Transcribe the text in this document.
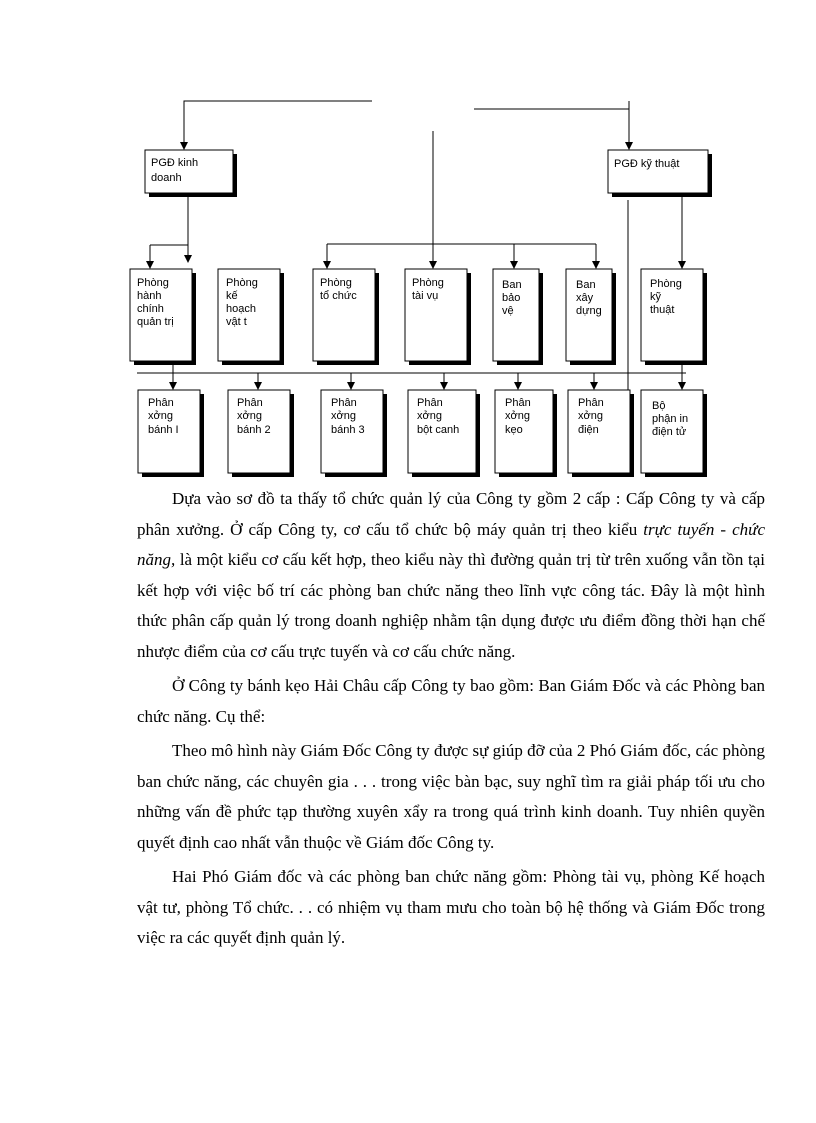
PGĐ kinh
doanh
PGĐ kỹ thuật
Phòng
hành
chính
quản trị
Phòng
kế
hoạch
vật t
Phòng
tổ chức
Phòng
tài vụ
Ban
bảo
vệ
Ban
xây
dựng
Phòng
kỹ
thuật
Phân
xởng
bánh I
Phân
xởng
bánh 2
Phân
xởng
bánh 3
Phân
xởng
bột canh
Phân
xởng
kẹo
Phân
xởng
điện
Bộ
phận in
điện tử

Dựa vào sơ đồ ta thấy tổ chức quản lý của Công ty gồm 2 cấp : Cấp Công ty và cấp phân xưởng. Ở cấp Công ty, cơ cấu tổ chức bộ máy quản trị theo kiểu trực tuyến - chức năng, là một kiểu cơ cấu kết hợp, theo kiểu này thì đường quản trị từ trên xuống vẫn tồn tại kết hợp với việc bố trí các phòng ban chức năng theo lĩnh vực công tác. Đây là một hình thức phân cấp quản lý trong doanh nghiệp nhằm tận dụng được ưu điểm đồng thời hạn chế nhược điểm của cơ cấu trực tuyến và cơ cấu chức năng.

Ở Công ty bánh kẹo Hải Châu cấp Công ty bao gồm: Ban Giám Đốc và các Phòng ban chức năng. Cụ thể:

Theo mô hình này Giám Đốc Công ty được sự giúp đỡ của 2 Phó Giám đốc, các phòng ban chức năng, các chuyên gia . . . trong việc bàn bạc, suy nghĩ tìm ra giải pháp tối ưu cho những vấn đề phức tạp thường xuyên xẩy ra trong quá trình kinh doanh. Tuy nhiên quyền quyết định cao nhất vẫn thuộc về Giám đốc Công ty.

Hai Phó Giám đốc và các phòng ban chức năng gồm: Phòng tài vụ, phòng Kế hoạch vật tư, phòng Tổ chức. . . có nhiệm vụ tham mưu cho toàn bộ hệ thống và Giám Đốc trong việc ra các quyết định quản lý.
